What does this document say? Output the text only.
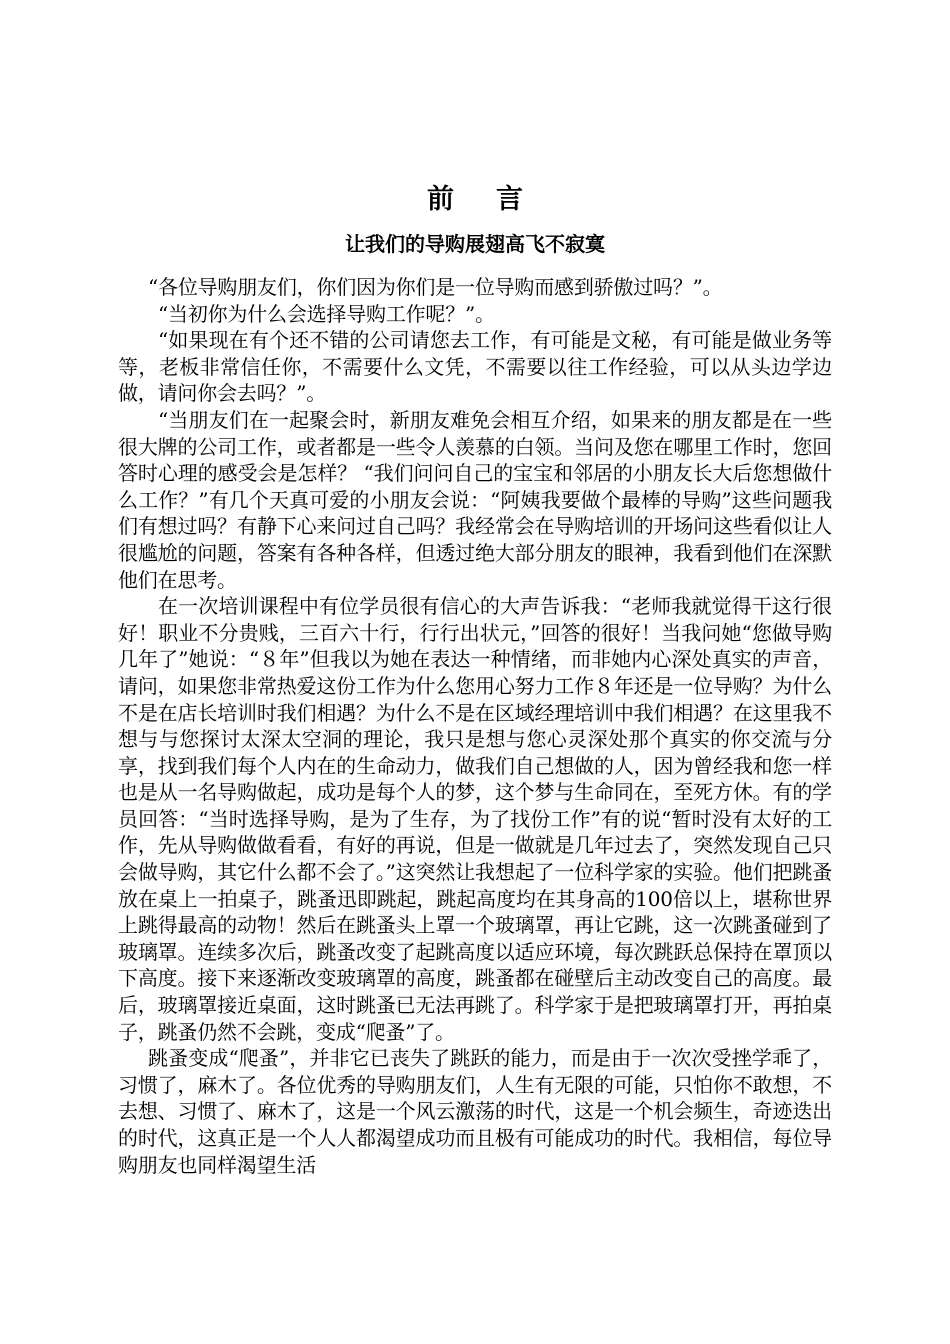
前言
让我们的导购展翅高飞不寂寞

“各位导购朋友们，你们因为你们是一位导购而感到骄傲过吗？”。

“当初你为什么会选择导购工作呢？”。

“如果现在有个还不错的公司请您去工作，有可能是文秘，有可能是做业务等等，老板非常信任你，不需要什么文凭，不需要以往工作经验，可以从头边学边做，请问你会去吗？”。

“当朋友们在一起聚会时，新朋友难免会相互介绍，如果来的朋友都是在一些很大牌的公司工作，或者都是一些令人羡慕的白领。当问及您在哪里工作时，您回答时心理的感受会是怎样？ “我们问问自己的宝宝和邻居的小朋友长大后您想做什么工作？”有几个天真可爱的小朋友会说：“阿姨我要做个最棒的导购”这些问题我们有想过吗？有静下心来问过自己吗？我经常会在导购培训的开场问这些看似让人很尴尬的问题，答案有各种各样，但透过绝大部分朋友的眼神，我看到他们在深默他们在思考。

在一次培训课程中有位学员很有信心的大声告诉我：“老师我就觉得干这行很好！职业不分贵贱，三百六十行，行行出状元，”回答的很好！当我问她“您做导购几年了”她说：“８年”但我以为她在表达一种情绪，而非她内心深处真实的声音，请问，如果您非常热爱这份工作为什么您用心努力工作８年还是一位导购？为什么不是在店长培训时我们相遇？为什么不是在区域经理培训中我们相遇？在这里我不想与与您探讨太深太空洞的理论，我只是想与您心灵深处那个真实的你交流与分享，找到我们每个人内在的生命动力，做我们自己想做的人，因为曾经我和您一样也是从一名导购做起，成功是每个人的梦，这个梦与生命同在，至死方休。有的学员回答：“当时选择导购，是为了生存，为了找份工作”有的说“暂时没有太好的工作，先从导购做做看看，有好的再说，但是一做就是几年过去了，突然发现自己只会做导购，其它什么都不会了。”这突然让我想起了一位科学家的实验。他们把跳蚤放在桌上一拍桌子，跳蚤迅即跳起，跳起高度均在其身高的100倍以上，堪称世界上跳得最高的动物！然后在跳蚤头上罩一个玻璃罩，再让它跳，这一次跳蚤碰到了玻璃罩。连续多次后，跳蚤改变了起跳高度以适应环境，每次跳跃总保持在罩顶以下高度。接下来逐渐改变玻璃罩的高度，跳蚤都在碰壁后主动改变自己的高度。最后，玻璃罩接近桌面，这时跳蚤已无法再跳了。科学家于是把玻璃罩打开，再拍桌子，跳蚤仍然不会跳，变成“爬蚤”了。

跳蚤变成“爬蚤”，并非它已丧失了跳跃的能力，而是由于一次次受挫学乖了，习惯了，麻木了。各位优秀的导购朋友们，人生有无限的可能，只怕你不敢想，不去想、习惯了、麻木了，这是一个风云激荡的时代，这是一个机会频生，奇迹迭出的时代，这真正是一个人人都渴望成功而且极有可能成功的时代。我相信，每位导购朋友也同样渴望生活
